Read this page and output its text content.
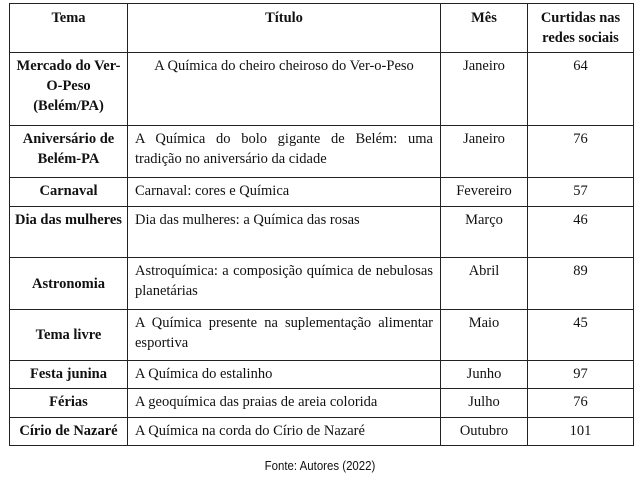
Tema	Título	Mês	Curtidas nas redes sociais
Mercado do Ver-O-Peso (Belém/PA)	A Química do cheiro cheiroso do Ver-o-Peso	Janeiro	64
Aniversário de Belém-PA	A Química do bolo gigante de Belém: uma tradição no aniversário da cidade	Janeiro	76
Carnaval	Carnaval: cores e Química	Fevereiro	57
Dia das mulheres	Dia das mulheres: a Química das rosas	Março	46
Astronomia	Astroquímica: a composição química de nebulosas planetárias	Abril	89
Tema livre	A Química presente na suplementação alimentar esportiva	Maio	45
Festa junina	A Química do estalinho	Junho	97
Férias	A geoquímica das praias de areia colorida	Julho	76
Círio de Nazaré	A Química na corda do Círio de Nazaré	Outubro	101
Fonte: Autores (2022)
